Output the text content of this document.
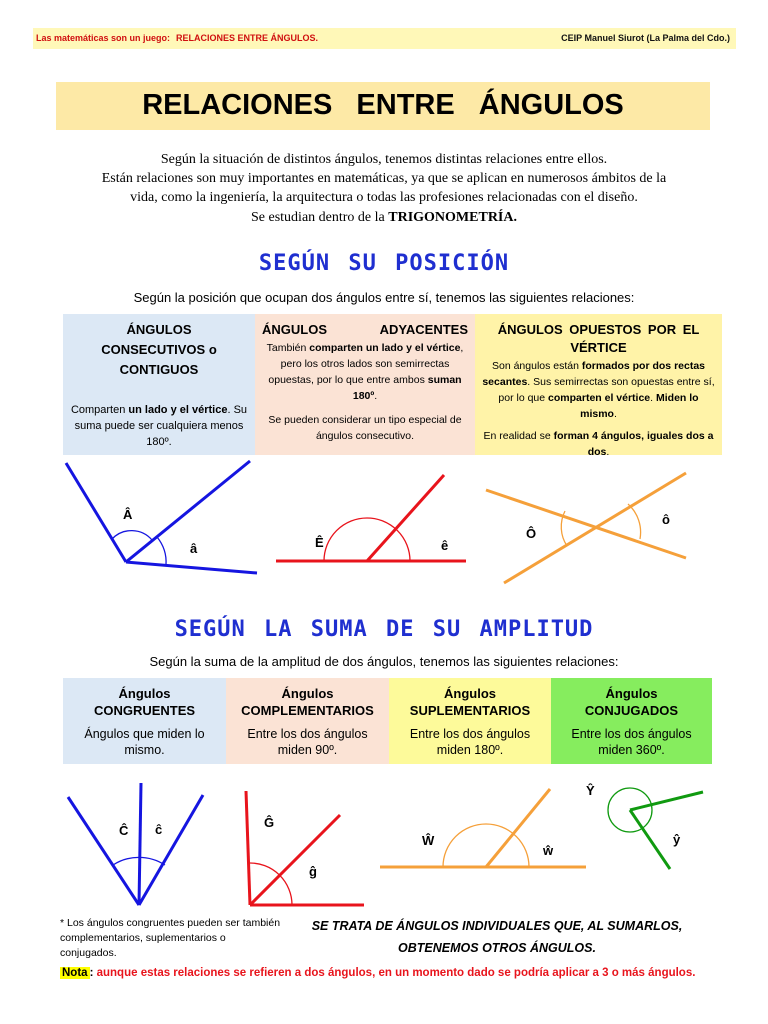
Las matemáticas son un juego: RELACIONES ENTRE ÁNGULOS.	CEIP Manuel Siurot (La Palma del Cdo.)
RELACIONES ENTRE ÁNGULOS
Según la situación de distintos ángulos, tenemos distintas relaciones entre ellos.
Están relaciones son muy importantes en matemáticas, ya que se aplican en numerosos ámbitos de la
vida, como la ingeniería, la arquitectura o todas las profesiones relacionadas con el diseño.
Se estudian dentro de la TRIGONOMETRÍA.
SEGÚN SU POSICIÓN
Según la posición que ocupan dos ángulos entre sí, tenemos las siguientes relaciones:
ÁNGULOS
CONSECUTIVOS o
CONTIGUOS
Comparten un lado y el vértice. Su suma puede ser cualquiera menos 180º.
ÁNGULOS	ADYACENTES
También comparten un lado y el vértice, pero los otros lados son semirrectas opuestas, por lo que entre ambos suman 180º.
Se pueden considerar un tipo especial de ángulos consecutivo.
ÁNGULOS OPUESTOS POR EL
VÉRTICE
Son ángulos están formados por dos rectas secantes. Sus semirrectas son opuestas entre sí, por lo que comparten el vértice. Miden lo mismo.
En realidad se forman 4 ángulos, iguales dos a dos.
Â
â	Ê	ê
Ô
ô
SEGÚN LA SUMA DE SU AMPLITUD
Según la suma de la amplitud de dos ángulos, tenemos las siguientes relaciones:
Ángulos
CONGRUENTES
Ángulos que miden lo mismo.
Ángulos
COMPLEMENTARIOS
Entre los dos ángulos miden 90º.
Ángulos
SUPLEMENTARIOS
Entre los dos ángulos miden 180º.
Ángulos
CONJUGADOS
Entre los dos ángulos miden 360º.
Ĉ ĉ	Ĝ
ĝ
Ŵ
ŵ
Ŷ
ŷ
* Los ángulos congruentes pueden ser también complementarios, suplementarios o conjugados.
SE TRATA DE ÁNGULOS INDIVIDUALES QUE, AL SUMARLOS,
OBTENEMOS OTROS ÁNGULOS.
Nota : aunque estas relaciones se refieren a dos ángulos, en un momento dado se podría aplicar a 3 o más ángulos.
